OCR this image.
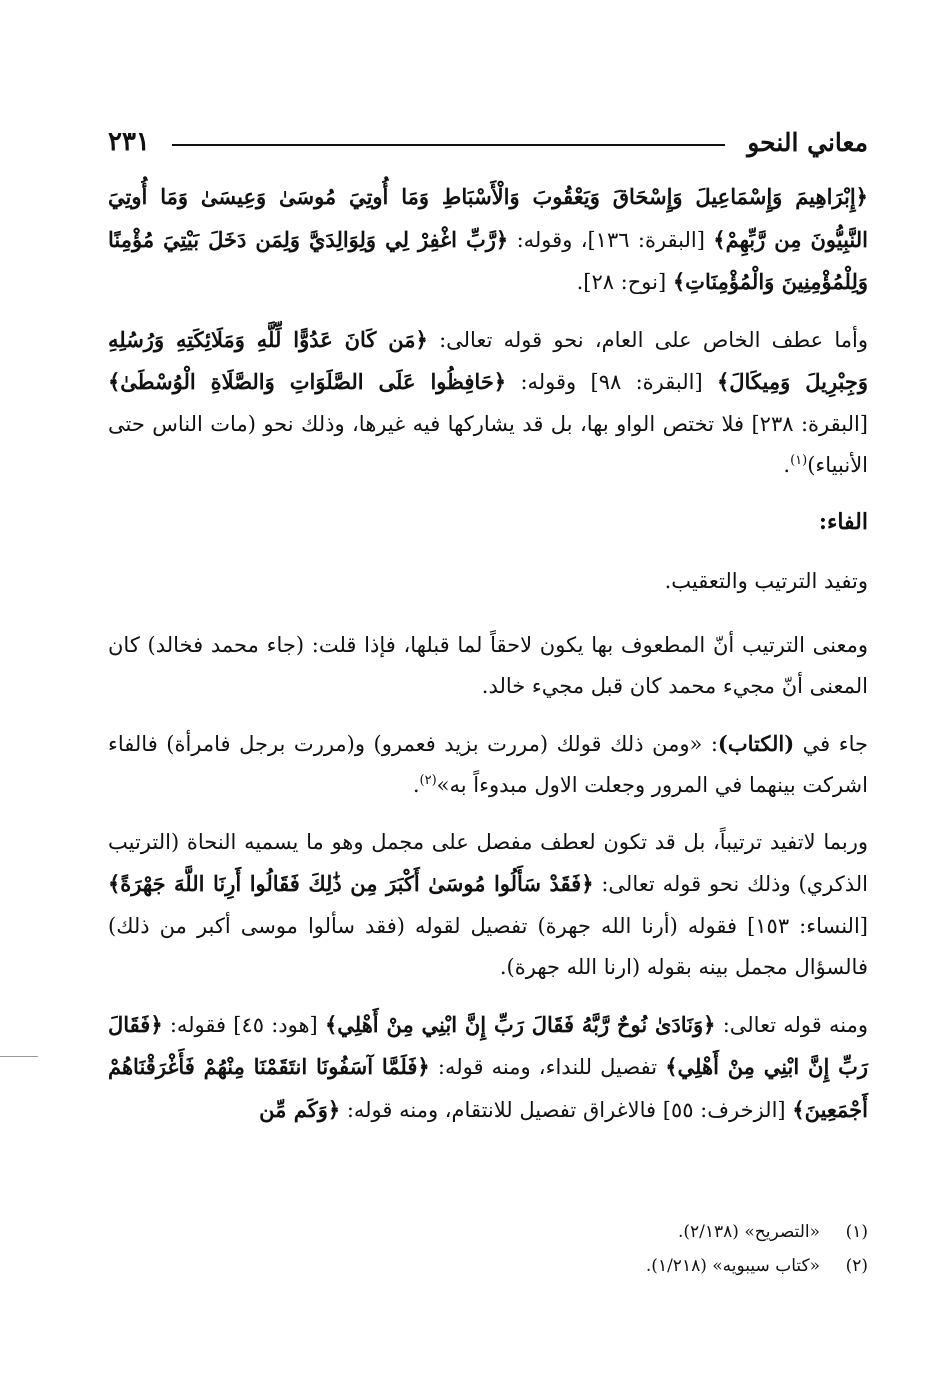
معاني النحو
٢٣١

﴿إِبْرَاهِيمَ وَإِسْمَاعِيلَ وَإِسْحَاقَ وَيَعْقُوبَ وَالْأَسْبَاطِ وَمَا أُوتِيَ مُوسَىٰ وَعِيسَىٰ وَمَا أُوتِيَ النَّبِيُّونَ مِن رَّبِّهِمْ﴾ [البقرة: ١٣٦]، وقوله: ﴿رَّبِّ اغْفِرْ لِي وَلِوَالِدَيَّ وَلِمَن دَخَلَ بَيْتِيَ مُؤْمِنًا وَلِلْمُؤْمِنِينَ وَالْمُؤْمِنَاتِ﴾ [نوح: ٢٨].

وأما عطف الخاص على العام، نحو قوله تعالى: ﴿مَن كَانَ عَدُوًّا لِّلَّهِ وَمَلَائِكَتِهِ وَرُسُلِهِ وَجِبْرِيلَ وَمِيكَالَ﴾ [البقرة: ٩٨] وقوله: ﴿حَافِظُوا عَلَى الصَّلَوَاتِ وَالصَّلَاةِ الْوُسْطَىٰ﴾ [البقرة: ٢٣٨] فلا تختص الواو بها، بل قد يشاركها فيه غيرها، وذلك نحو (مات الناس حتى الأنبياء)$^{(١)}$.

الفاء:

وتفيد الترتيب والتعقيب.

ومعنى الترتيب أنّ المطعوف بها يكون لاحقاً لما قبلها، فإذا قلت: (جاء محمد فخالد) كان المعنى أنّ مجيء محمد كان قبل مجيء خالد.

جاء في (الكتاب): «ومن ذلك قولك (مررت بزيد فعمرو) و(مررت برجل فامرأة) فالفاء اشركت بينهما في المرور وجعلت الاول مبدوءاً به»$^{(٢)}$.

وربما لاتفيد ترتيباً، بل قد تكون لعطف مفصل على مجمل وهو ما يسميه النحاة (الترتيب الذكري) وذلك نحو قوله تعالى: ﴿فَقَدْ سَأَلُوا مُوسَىٰ أَكْبَرَ مِن ذَٰلِكَ فَقَالُوا أَرِنَا اللَّهَ جَهْرَةً﴾ [النساء: ١٥٣] فقوله (أرنا الله جهرة) تفصيل لقوله (فقد سألوا موسى أكبر من ذلك) فالسؤال مجمل بينه بقوله (ارنا الله جهرة).

ومنه قوله تعالى: ﴿وَنَادَىٰ نُوحٌ رَّبَّهُ فَقَالَ رَبِّ إِنَّ ابْنِي مِنْ أَهْلِي﴾ [هود: ٤٥] فقوله: ﴿فَقَالَ رَبِّ إِنَّ ابْنِي مِنْ أَهْلِي﴾ تفصيل للنداء، ومنه قوله: ﴿فَلَمَّا آسَفُونَا انتَقَمْنَا مِنْهُمْ فَأَغْرَقْنَاهُمْ أَجْمَعِينَ﴾ [الزخرف: ٥٥] فالاغراق تفصيل للانتقام، ومنه قوله: ﴿وَكَم مِّن

(١)
«التصريح» (٢/١٣٨).
(٢)
«كتاب سيبويه» (١/٢١٨).
